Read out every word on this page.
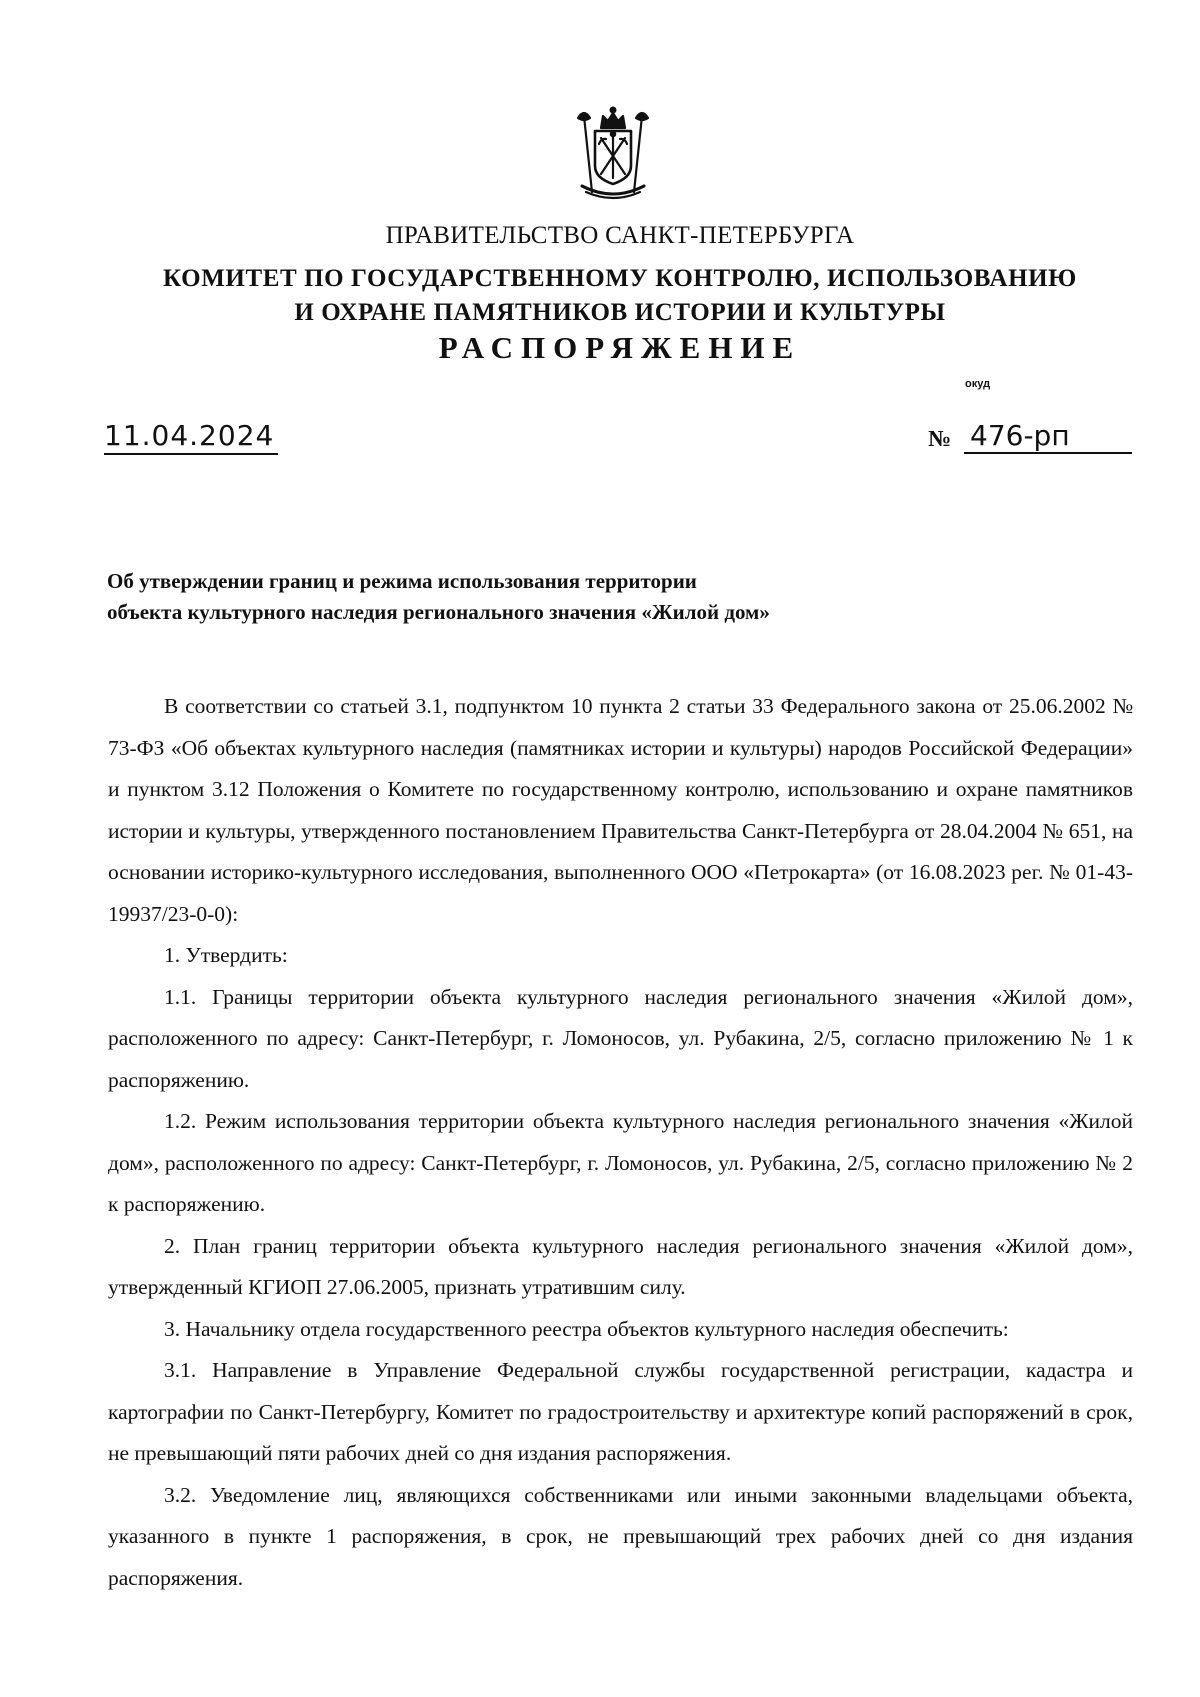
ПРАВИТЕЛЬСТВО САНКТ-ПЕТЕРБУРГА
КОМИТЕТ ПО ГОСУДАРСТВЕННОМУ КОНТРОЛЮ, ИСПОЛЬЗОВАНИЮ
И ОХРАНЕ ПАМЯТНИКОВ ИСТОРИИ И КУЛЬТУРЫ
РАСПОРЯЖЕНИЕ
окуд
11.04.2024	№ 476-рп
Об утверждении границ и режима использования территории
объекта культурного наследия регионального значения «Жилой дом»

В соответствии со статьей 3.1, подпунктом 10 пункта 2 статьи 33 Федерального закона от 25.06.2002 № 73-ФЗ «Об объектах культурного наследия (памятниках истории и культуры) народов Российской Федерации» и пунктом 3.12 Положения о Комитете по государственному контролю, использованию и охране памятников истории и культуры, утвержденного постановлением Правительства Санкт-Петербурга от 28.04.2004 № 651, на основании историко-культурного исследования, выполненного ООО «Петрокарта» (от 16.08.2023 рег. № 01-43-19937/23-0-0):

1. Утвердить:

1.1. Границы территории объекта культурного наследия регионального значения «Жилой дом», расположенного по адресу: Санкт-Петербург, г. Ломоносов, ул. Рубакина, 2/5, согласно приложению № 1 к распоряжению.

1.2. Режим использования территории объекта культурного наследия регионального значения «Жилой дом», расположенного по адресу: Санкт-Петербург, г. Ломоносов, ул. Рубакина, 2/5, согласно приложению № 2 к распоряжению.

2. План границ территории объекта культурного наследия регионального значения «Жилой дом», утвержденный КГИОП 27.06.2005, признать утратившим силу.

3. Начальнику отдела государственного реестра объектов культурного наследия обеспечить:

3.1. Направление в Управление Федеральной службы государственной регистрации, кадастра и картографии по Санкт-Петербургу, Комитет по градостроительству и архитектуре копий распоряжений в срок, не превышающий пяти рабочих дней со дня издания распоряжения.

3.2. Уведомление лиц, являющихся собственниками или иными законными владельцами объекта, указанного в пункте 1 распоряжения, в срок, не превышающий трех рабочих дней со дня издания распоряжения.
